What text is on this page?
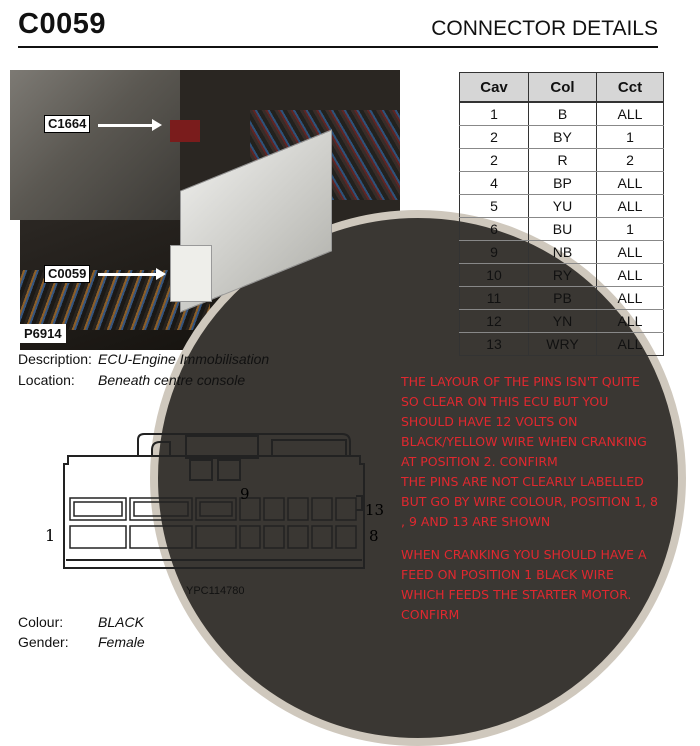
C0059	CONNECTOR DETAILS
C1664
C0059
P6914
Cav	Col	Cct
1	B	ALL
2	BY	1
2	R	2
4	BP	ALL
5	YU	ALL
6	BU	1
9	NB	ALL
10	RY	ALL
11	PB	ALL
12	YN	ALL
13	WRY	ALL
Description: ECU-Engine Immobilisation
Location: Beneath centre console
1
9
13
8
YPC114780
Colour: BLACK
Gender: Female
THE LAYOUR OF THE PINS ISN'T QUITE
SO CLEAR ON THIS ECU BUT YOU
SHOULD HAVE 12 VOLTS ON
BLACK/YELLOW WIRE WHEN CRANKING
AT POSITION 2. CONFIRM
THE PINS ARE NOT CLEARLY LABELLED
BUT GO BY WIRE COLOUR, POSITION 1, 8
, 9 AND 13 ARE SHOWN
WHEN CRANKING YOU SHOULD HAVE A
FEED ON POSITION 1 BLACK WIRE
WHICH FEEDS THE STARTER MOTOR.
CONFIRM
